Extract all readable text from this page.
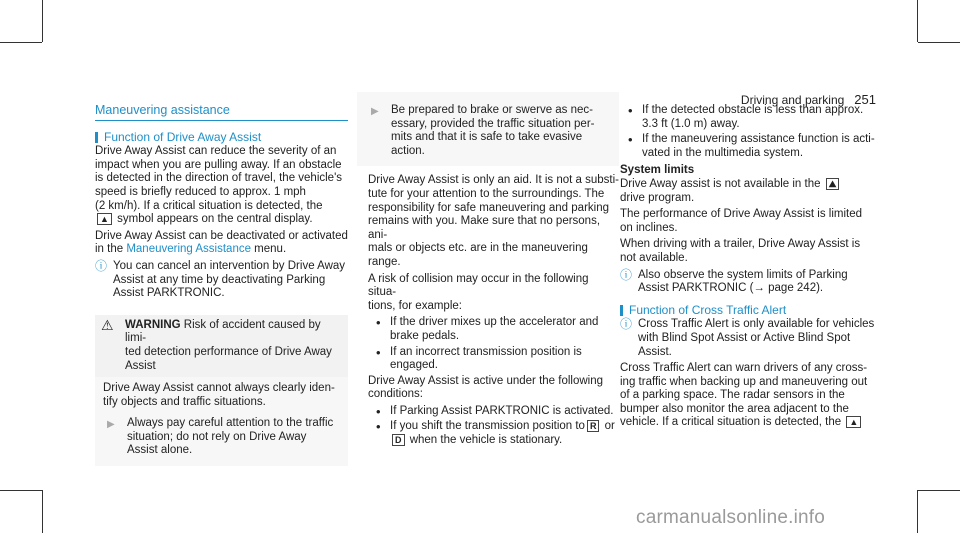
Driving and parking 251
Maneuvering assistance
Function of Drive Away Assist

Drive Away Assist can reduce the severity of an
impact when you are pulling away. If an obstacle
is detected in the direction of travel, the vehicle's
speed is briefly reduced to approx. 1 mph
(2 km/h). If a critical situation is detected, the
▲ symbol appears on the central display.

Drive Away Assist can be deactivated or activated
in the Maneuvering Assistance menu.

ⓘ You can cancel an intervention by Drive Away
Assist at any time by deactivating Parking
Assist PARKTRONIC.
⚠ WARNING Risk of accident caused by limi-
ted detection performance of Drive Away
Assist
Drive Away Assist cannot always clearly iden-
tify objects and traffic situations.
▶ Always pay careful attention to the traffic
situation; do not rely on Drive Away
Assist alone.
▶ Be prepared to brake or swerve as nec-
essary, provided the traffic situation per-
mits and that it is safe to take evasive
action.

Drive Away Assist is only an aid. It is not a substi-
tute for your attention to the surroundings. The
responsibility for safe maneuvering and parking
remains with you. Make sure that no persons, ani-
mals or objects etc. are in the maneuvering
range.

A risk of collision may occur in the following situa-
tions, for example:

• If the driver mixes up the accelerator and
brake pedals.
• If an incorrect transmission position is
engaged.

Drive Away Assist is active under the following
conditions:

• If Parking Assist PARKTRONIC is activated.
• If you shift the transmission position to R or
D when the vehicle is stationary.
• If the detected obstacle is less than approx.
3.3 ft (1.0 m) away.
• If the maneuvering assistance function is acti-
vated in the multimedia system.
System limits

Drive Away assist is not available in the ⛰
drive program.

The performance of Drive Away Assist is limited
on inclines.

When driving with a trailer, Drive Away Assist is
not available.

ⓘ Also observe the system limits of Parking
Assist PARKTRONIC (→ page 242).
Function of Cross Traffic Alert
ⓘ Cross Traffic Alert is only available for vehicles
with Blind Spot Assist or Active Blind Spot
Assist.

Cross Traffic Alert can warn drivers of any cross-
ing traffic when backing up and maneuvering out
of a parking space. The radar sensors in the
bumper also monitor the area adjacent to the
vehicle. If a critical situation is detected, the ▲

carmanualsonline.info
